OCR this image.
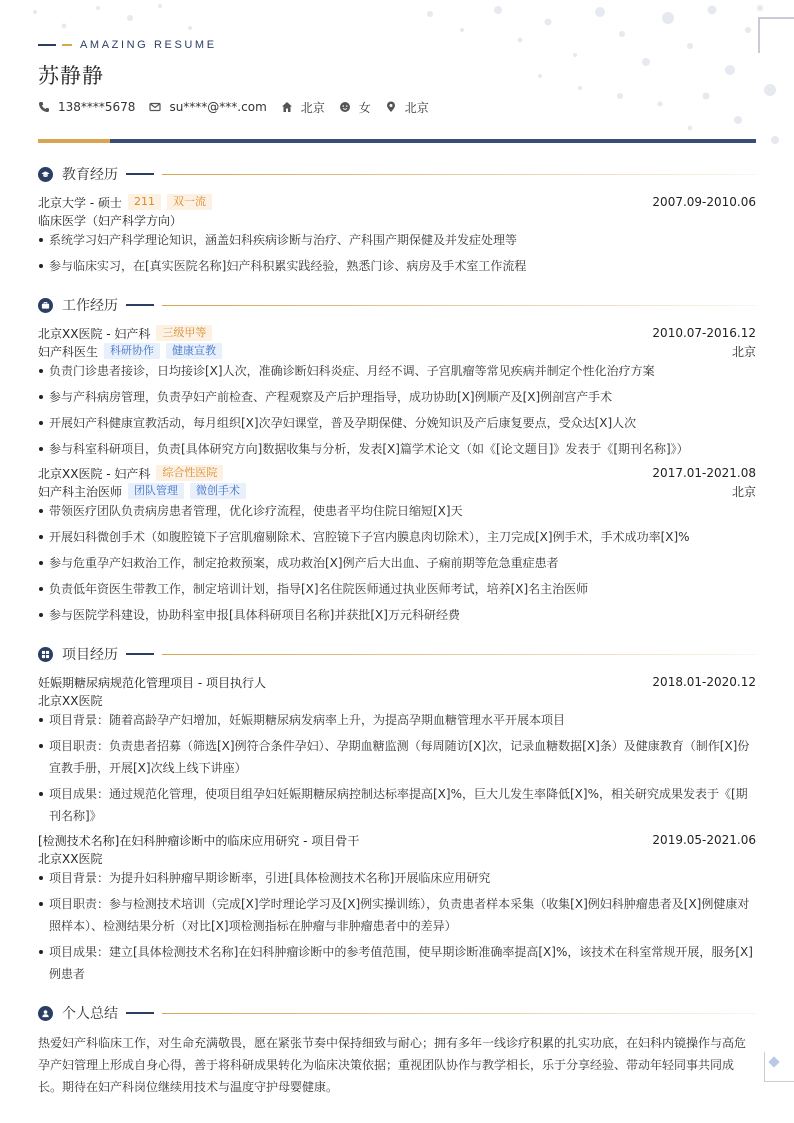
AMAZING RESUME
苏静静
138****5678	su****@***.com	北京	女	北京
教育经历
北京大学 - 硕士	211	双一流	2007.09-2010.06
临床医学（妇产科学方向）
系统学习妇产科学理论知识，涵盖妇科疾病诊断与治疗、产科围产期保健及并发症处理等
参与临床实习，在[真实医院名称]妇产科积累实践经验，熟悉门诊、病房及手术室工作流程
工作经历
北京XX医院 - 妇产科	三级甲等	2010.07-2016.12
妇产科医生	科研协作	健康宣教	北京
负责门诊患者接诊，日均接诊[X]人次，准确诊断妇科炎症、月经不调、子宫肌瘤等常见疾病并制定个性化治疗方案
参与产科病房管理，负责孕妇产前检查、产程观察及产后护理指导，成功协助[X]例顺产及[X]例剖宫产手术
开展妇产科健康宣教活动，每月组织[X]次孕妇课堂，普及孕期保健、分娩知识及产后康复要点，受众达[X]人次
参与科室科研项目，负责[具体研究方向]数据收集与分析，发表[X]篇学术论文（如《[论文题目]》发表于《[期刊名称]》）
北京XX医院 - 妇产科	综合性医院	2017.01-2021.08
妇产科主治医师	团队管理	微创手术	北京
带领医疗团队负责病房患者管理，优化诊疗流程，使患者平均住院日缩短[X]天
开展妇科微创手术（如腹腔镜下子宫肌瘤剔除术、宫腔镜下子宫内膜息肉切除术），主刀完成[X]例手术，手术成功率[X]%
参与危重孕产妇救治工作，制定抢救预案，成功救治[X]例产后大出血、子痫前期等危急重症患者
负责低年资医生带教工作，制定培训计划，指导[X]名住院医师通过执业医师考试，培养[X]名主治医师
参与医院学科建设，协助科室申报[具体科研项目名称]并获批[X]万元科研经费
项目经历
妊娠期糖尿病规范化管理项目 - 项目执行人	2018.01-2020.12
北京XX医院
项目背景：随着高龄孕产妇增加，妊娠期糖尿病发病率上升，为提高孕期血糖管理水平开展本项目
项目职责：负责患者招募（筛选[X]例符合条件孕妇）、孕期血糖监测（每周随访[X]次，记录血糖数据[X]条）及健康教育（制作[X]份宣教手册，开展[X]次线上线下讲座）
项目成果：通过规范化管理，使项目组孕妇妊娠期糖尿病控制达标率提高[X]%，巨大儿发生率降低[X]%，相关研究成果发表于《[期刊名称]》
[检测技术名称]在妇科肿瘤诊断中的临床应用研究 - 项目骨干	2019.05-2021.06
北京XX医院
项目背景：为提升妇科肿瘤早期诊断率，引进[具体检测技术名称]开展临床应用研究
项目职责：参与检测技术培训（完成[X]学时理论学习及[X]例实操训练），负责患者样本采集（收集[X]例妇科肿瘤患者及[X]例健康对照样本）、检测结果分析（对比[X]项检测指标在肿瘤与非肿瘤患者中的差异）
项目成果：建立[具体检测技术名称]在妇科肿瘤诊断中的参考值范围，使早期诊断准确率提高[X]%，该技术在科室常规开展，服务[X]例患者
个人总结
热爱妇产科临床工作，对生命充满敬畏，愿在紧张节奏中保持细致与耐心；拥有多年一线诊疗积累的扎实功底，在妇科内镜操作与高危孕产妇管理上形成自身心得，善于将科研成果转化为临床决策依据；重视团队协作与教学相长，乐于分享经验、带动年轻同事共同成长。期待在妇产科岗位继续用技术与温度守护母婴健康。
